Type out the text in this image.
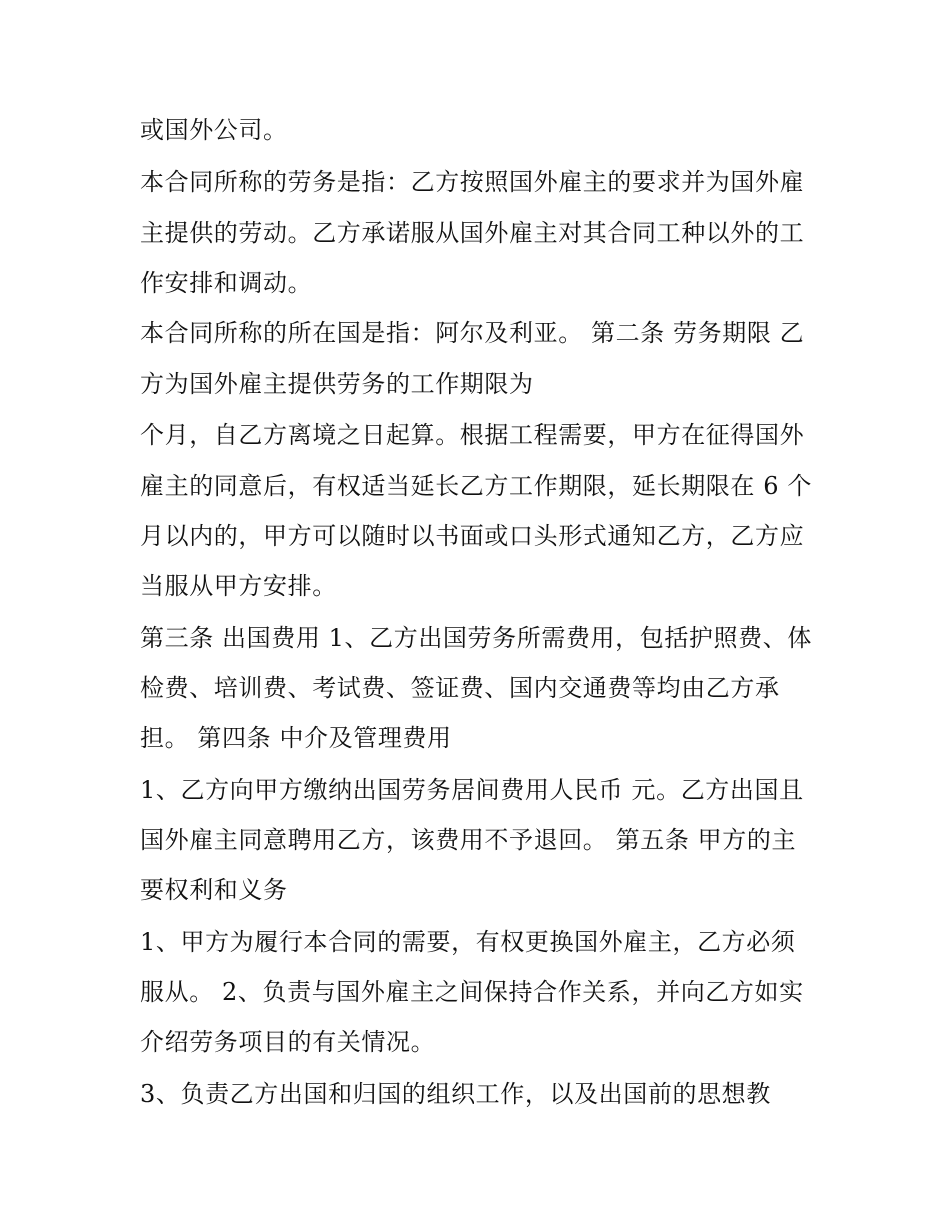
或国外公司。

本合同所称的劳务是指：乙方按照国外雇主的要求并为国外雇

主提供的劳动。乙方承诺服从国外雇主对其合同工种以外的工

作安排和调动。

本合同所称的所在国是指：阿尔及利亚。 第二条 劳务期限 乙

方为国外雇主提供劳务的工作期限为

个月，自乙方离境之日起算。根据工程需要，甲方在征得国外

雇主的同意后，有权适当延长乙方工作期限，延长期限在 6 个

月以内的，甲方可以随时以书面或口头形式通知乙方，乙方应

当服从甲方安排。

第三条 出国费用 1、乙方出国劳务所需费用，包括护照费、体

检费、培训费、考试费、签证费、国内交通费等均由乙方承

担。 第四条 中介及管理费用

1、乙方向甲方缴纳出国劳务居间费用人民币 元。乙方出国且

国外雇主同意聘用乙方，该费用不予退回。 第五条 甲方的主

要权利和义务

1、甲方为履行本合同的需要，有权更换国外雇主，乙方必须

服从。 2、负责与国外雇主之间保持合作关系，并向乙方如实

介绍劳务项目的有关情况。

3、负责乙方出国和归国的组织工作，以及出国前的思想教
